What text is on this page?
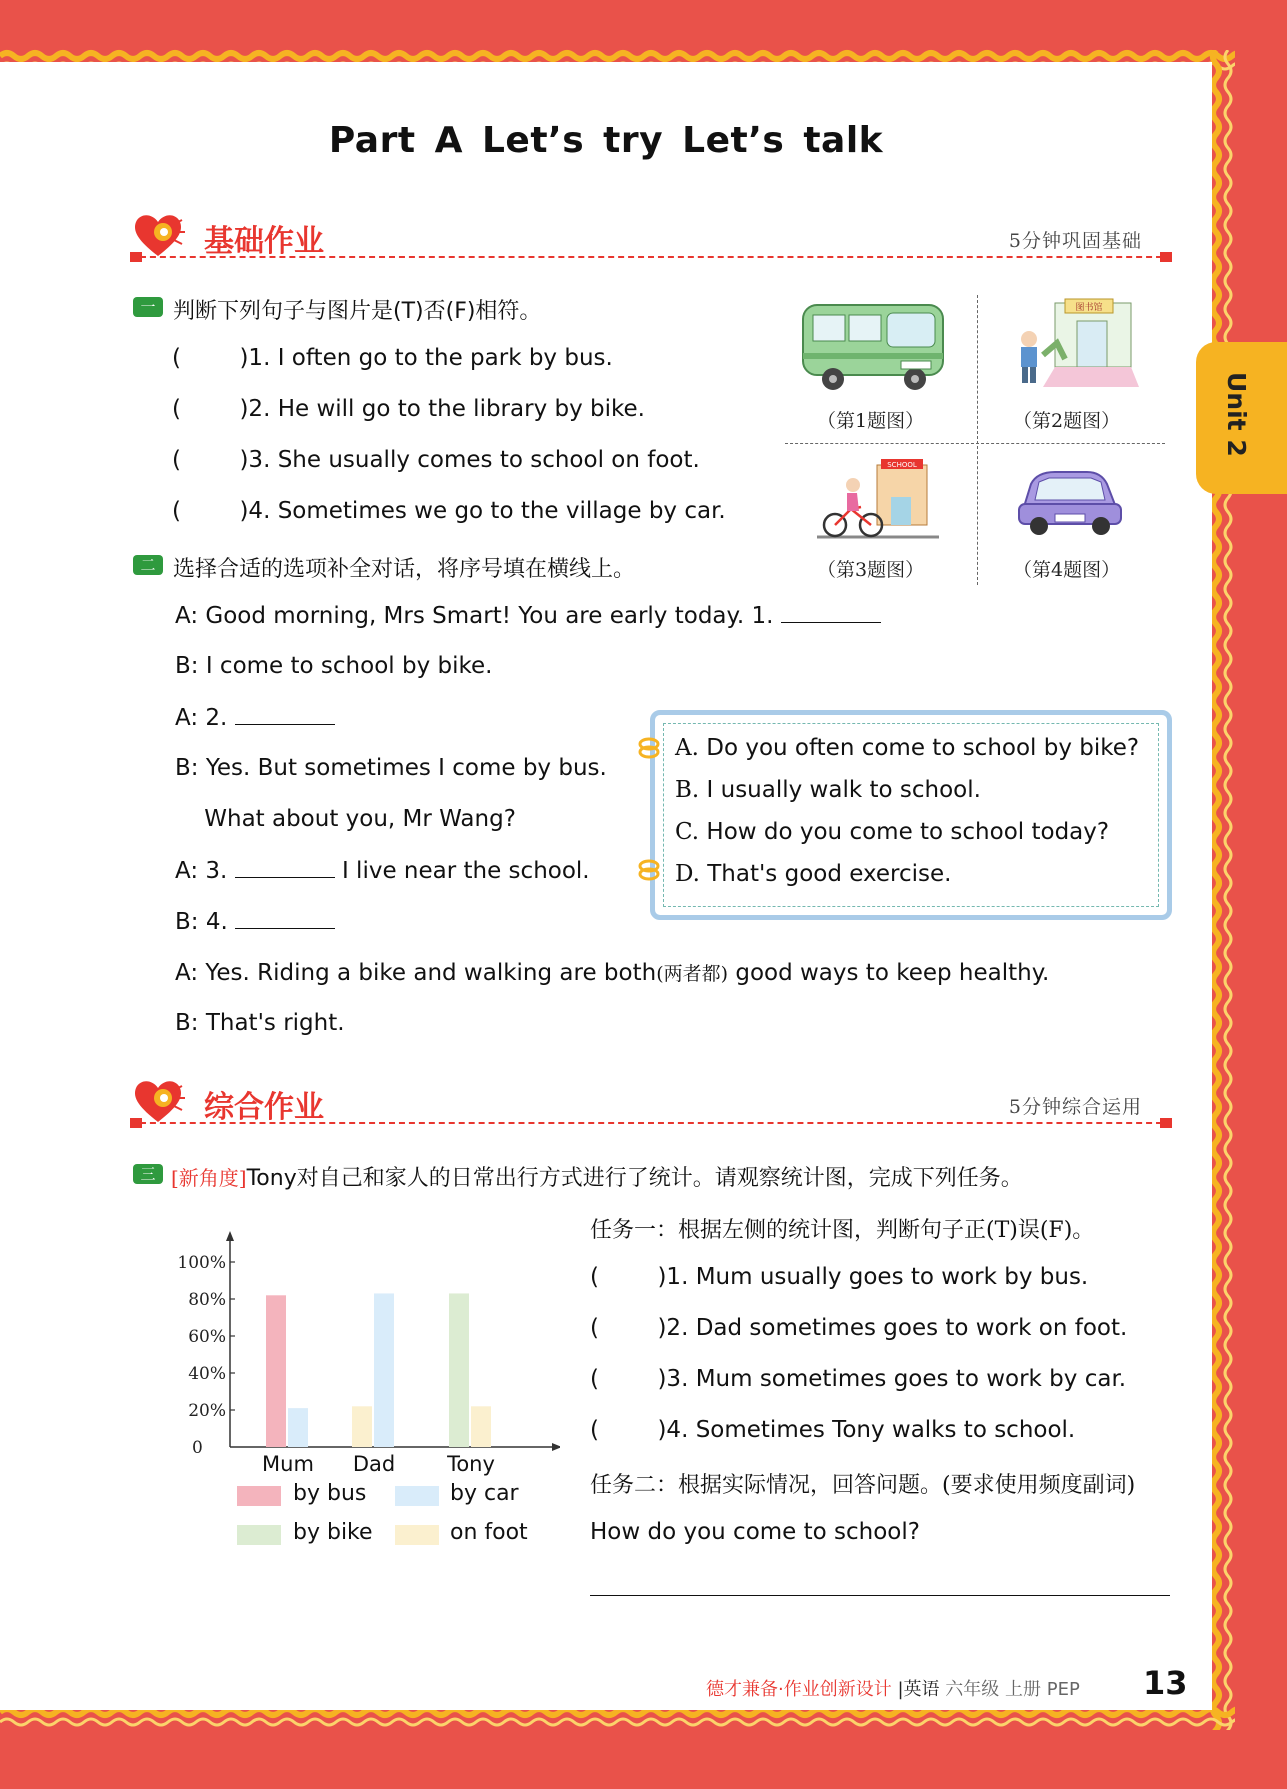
Part A Let’s try Let’s talk
基础作业	5分钟巩固基础
一 判断下列句子与图片是(T)否(F)相符。
(        )1. I often go to the park by bus.
(        )2. He will go to the library by bike.
(        )3. She usually comes to school on foot.
(        )4. Sometimes we go to the village by car.
（第1题图）
图书馆
（第2题图）
SCHOOL
（第3题图）	（第4题图）
二 选择合适的选项补全对话，将序号填在横线上。
A: Good morning, Mrs Smart! You are early today. 1.
B: I come to school by bike.
A: 2.
B: Yes. But sometimes I come by bus.
What about you, Mr Wang?
A: 3.	I live near the school.
B: 4.
A: Yes. Riding a bike and walking are both(两者都) good ways to keep healthy.
B: That's right.
A. Do you often come to school by bike?
B. I usually walk to school.
C. How do you come to school today?
D. That's good exercise.
综合作业	5分钟综合运用
三 [新角度]Tony对自己和家人的日常出行方式进行了统计。请观察统计图，完成下列任务。
任务一：根据左侧的统计图，判断句子正(T)误(F)。
(        )1. Mum usually goes to work by bus.
(        )2. Dad sometimes goes to work on foot.
(        )3. Mum sometimes goes to work by car.
(        )4. Sometimes Tony walks to school.
任务二：根据实际情况，回答问题。(要求使用频度副词)
How do you come to school?
100%
80%
60%
40%
20%
0
Mum Dad Tony
by bus	by car
by bike	on foot
Unit 2
德才兼备·作业创新设计 |英语 六年级 上册 PEP 13
